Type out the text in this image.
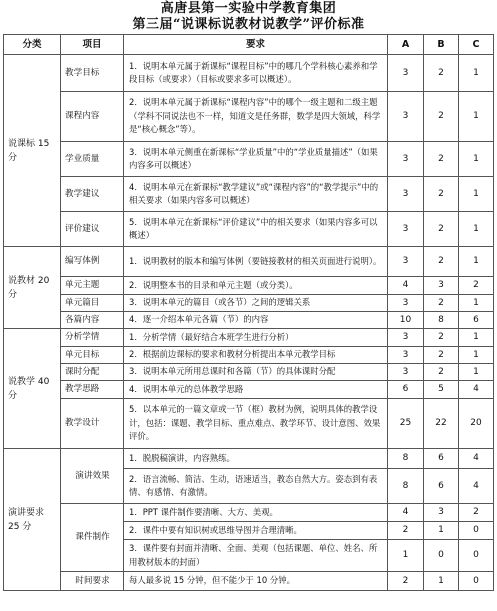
高唐县第一实验中学教育集团
第三届“说课标说教材说教学”评价标准
分类	项目	要求	A	B	C
说课标 15 分	教学目标	1．说明本单元属于新课标“课程目标”中的哪几个学科核心素养和学段目标（或要求）（目标或要求多可以概述）。	3	2	1
	课程内容	2．说明本单元属于新课标“课程内容”中的哪个一级主题和二级主题（学科不同说法也不一样，知道文是任务群，数学是四大领域，科学是“核心概念”等）。	3	2	1
	学业质量	3．说明本单元侧重在新课标“学业质量”中的“学业质量描述”（如果内容多可以概述）	3	2	1
	教学建议	4．说明本单元在新课标“教学建议”或“课程内容”的“教学提示”中的相关要求（如果内容多可以概述）	3	2	1
	评价建议	5．说明本单元在新课标“评价建议”中的相关要求（如果内容多可以概述）	3	2	1
说教材 20 分	编写体例	1．说明教材的版本和编写体例（要链接教材的相关页面进行说明）。	3	2	1
	单元主题	2．说明整本书的目录和单元主题（或分类）。	4	3	2
	单元篇目	3．说明本单元的篇目（或各节）之间的逻辑关系	3	2	1
	各篇内容	4．逐一介绍本单元各篇（节）的内容	10	8	6
说教学 40 分	分析学情	1．分析学情（最好结合本班学生进行分析）	3	2	1
	单元目标	2．根据前边课标的要求和教材分析提出本单元教学目标	3	2	1
	课时分配	3．说明本单元所用总课时和各篇（节）的具体课时分配	3	2	1
	教学思路	4．说明本单元的总体教学思路	6	5	4
	教学设计	5．以本单元的一篇文章或一节（框）教材为例，说明具体的教学设计，包括：课题、教学目标、重点难点、教学环节、设计意图、效果评价。	25	22	20
演讲要求 25 分	演讲效果	1．脱脱稿演讲，内容熟练。	8	6	4
		2．语言流畅、简洁、生动，语速适当，教态自然大方。姿态到有表情、有感情、有激情。	8	6	4
	课件制作	1．PPT 课件制作要清晰、大方、美观。	4	3	2
		2．课件中要有知识树或思维导图并合理清晰。	2	1	0
		3．课件要有封面并清晰、全面、美观（包括课题、单位、姓名、所用教材版本的封面）	1	0	0
	时间要求	每人最多说 15 分钟，但不能少于 10 分钟。	2	1	0
